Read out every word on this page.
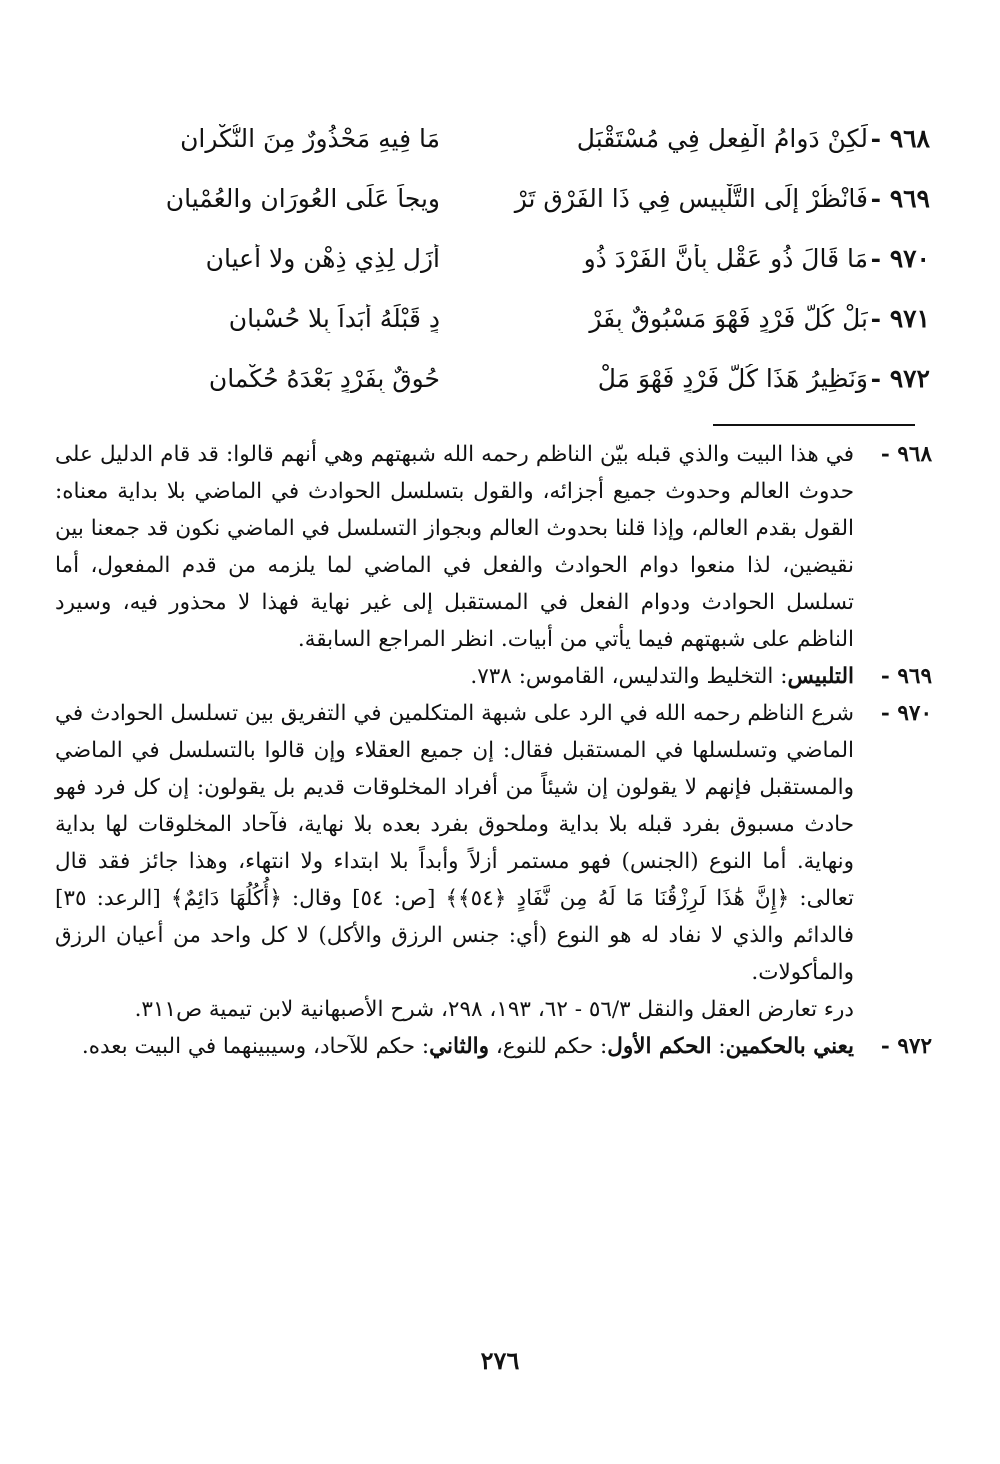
٩٦٨ -
لَكِنْ دَوامُ الْفِعلِ فِي مُسْتَقْبَلٍ
مَا فِيهِ مَحْذُورٌ مِنَ النُّكْرانِ
٩٦٩ -
فَانْظُرْ إِلَى التَّلْبِيسِ فِي ذَا الفَرْقِ تَرْ
وِيجاً عَلَى العُورَانِ والعُمْيانِ
٩٧٠ -
مَا قَالَ ذُو عَقْلٍ بِأَنَّ الفَرْدَ ذُو
أَزَلٍ لِذِي ذِهْنٍ ولا أعيانِ
٩٧١ -
بَلْ كُلُّ فَرْدٍ فَهْوَ مَسْبُوقٌ بِفَرْ
دٍ قَبْلَهُ أَبَداً بِلا حُسْبانِ
٩٧٢ -
وَنَظِيرُ هَذَا كُلُّ فَرْدٍ فَهْوَ مَلْ
حُوقٌ بِفَرْدٍ بَعْدَهُ حُكْمانِ
٩٦٨ -
في هذا البيت والذي قبله بيّن الناظم رحمه الله شبهتهم وهي أنهم قالوا: قد قام الدليل على حدوث العالم وحدوث جميع أجزائه، والقول بتسلسل الحوادث في الماضي بلا بداية معناه: القول بقدم العالم، وإذا قلنا بحدوث العالم وبجواز التسلسل في الماضي نكون قد جمعنا بين نقيضين، لذا منعوا دوام الحوادث والفعل في الماضي لما يلزمه من قدم المفعول، أما تسلسل الحوادث ودوام الفعل في المستقبل إلى غير نهاية فهذا لا محذور فيه، وسيرد الناظم على شبهتهم فيما يأتي من أبيات. انظر المراجع السابقة.
٩٦٩ -
التلبيس: التخليط والتدليس، القاموس: ٧٣٨.
٩٧٠ -
شرع الناظم رحمه الله في الرد على شبهة المتكلمين في التفريق بين تسلسل الحوادث في الماضي وتسلسلها في المستقبل فقال: إن جميع العقلاء وإن قالوا بالتسلسل في الماضي والمستقبل فإنهم لا يقولون إن شيئاً من أفراد المخلوقات قديم بل يقولون: إن كل فرد فهو حادث مسبوق بفرد قبله بلا بداية وملحوق بفرد بعده بلا نهاية، فآحاد المخلوقات لها بداية ونهاية. أما النوع (الجنس) فهو مستمر أزلاً وأبداً بلا ابتداء ولا انتهاء، وهذا جائز فقد قال تعالى: ﴿إِنَّ هَٰذَا لَرِزْقُنَا مَا لَهُ مِن نَّفَادٍ ﴿٥٤﴾﴾ [ص: ٥٤] وقال: ﴿أُكُلُهَا دَائِمٌ﴾ [الرعد: ٣٥] فالدائم والذي لا نفاد له هو النوع (أي: جنس الرزق والأكل) لا كل واحد من أعيان الرزق والمأكولات.
درء تعارض العقل والنقل ٥٦/٣ - ٦٢، ١٩٣، ٢٩٨، شرح الأصبهانية لابن تيمية ص٣١١.
٩٧٢ -
يعني بالحكمين: الحكم الأول: حكم للنوع، والثاني: حكم للآحاد، وسيبينهما في البيت بعده.
٢٧٦
